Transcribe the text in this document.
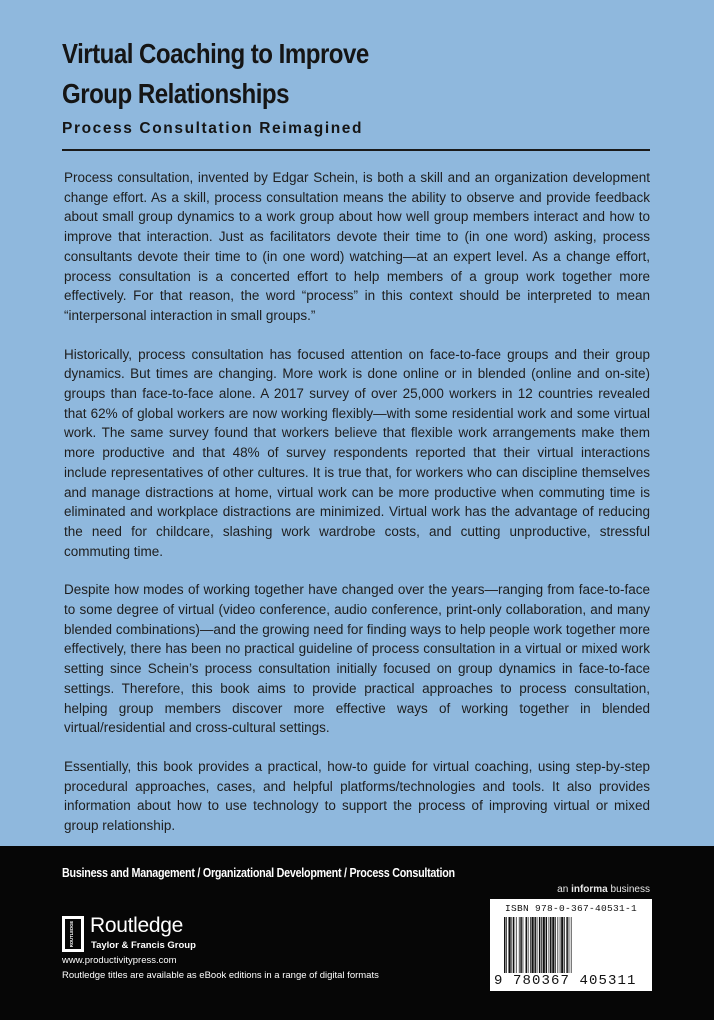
Virtual Coaching to Improve
Group Relationships
Process Consultation Reimagined

Process consultation, invented by Edgar Schein, is both a skill and an organization development change effort. As a skill, process consultation means the ability to observe and provide feedback about small group dynamics to a work group about how well group members interact and how to improve that interaction. Just as facilitators devote their time to (in one word) asking, process consultants devote their time to (in one word) watching—at an expert level. As a change effort, process consultation is a concerted effort to help members of a group work together more effectively. For that reason, the word “process” in this context should be interpreted to mean “interpersonal interaction in small groups.”

Historically, process consultation has focused attention on face-to-face groups and their group dynamics. But times are changing. More work is done online or in blended (online and on-site) groups than face-to-face alone. A 2017 survey of over 25,000 workers in 12 countries revealed that 62% of global workers are now working flexibly—with some residential work and some virtual work. The same survey found that workers believe that flexible work arrangements make them more productive and that 48% of survey respondents reported that their virtual interactions include representatives of other cultures. It is true that, for workers who can discipline themselves and manage distractions at home, virtual work can be more productive when commuting time is eliminated and workplace distractions are minimized. Virtual work has the advantage of reducing the need for childcare, slashing work wardrobe costs, and cutting unproductive, stressful commuting time.

Despite how modes of working together have changed over the years—ranging from face-to-face to some degree of virtual (video conference, audio conference, print-only collaboration, and many blended combinations)—and the growing need for finding ways to help people work together more effectively, there has been no practical guideline of process consultation in a virtual or mixed work setting since Schein’s process consultation initially focused on group dynamics in face-to-face settings. Therefore, this book aims to provide practical approaches to process consultation, helping group members discover more effective ways of working together in blended virtual/residential and cross-cultural settings.

Essentially, this book provides a practical, how-to guide for virtual coaching, using step-by-step procedural approaches, cases, and helpful platforms/technologies and tools. It also provides information about how to use technology to support the process of improving virtual or mixed group relationship.

Business and Management / Organizational Development / Process Consultation
an informa business
ROUTLEDGE Routledge
Taylor & Francis Group
www.productivitypress.com
Routledge titles are available as eBook editions in a range of digital formats
ISBN 978-0-367-40531-1
9 780367 405311
